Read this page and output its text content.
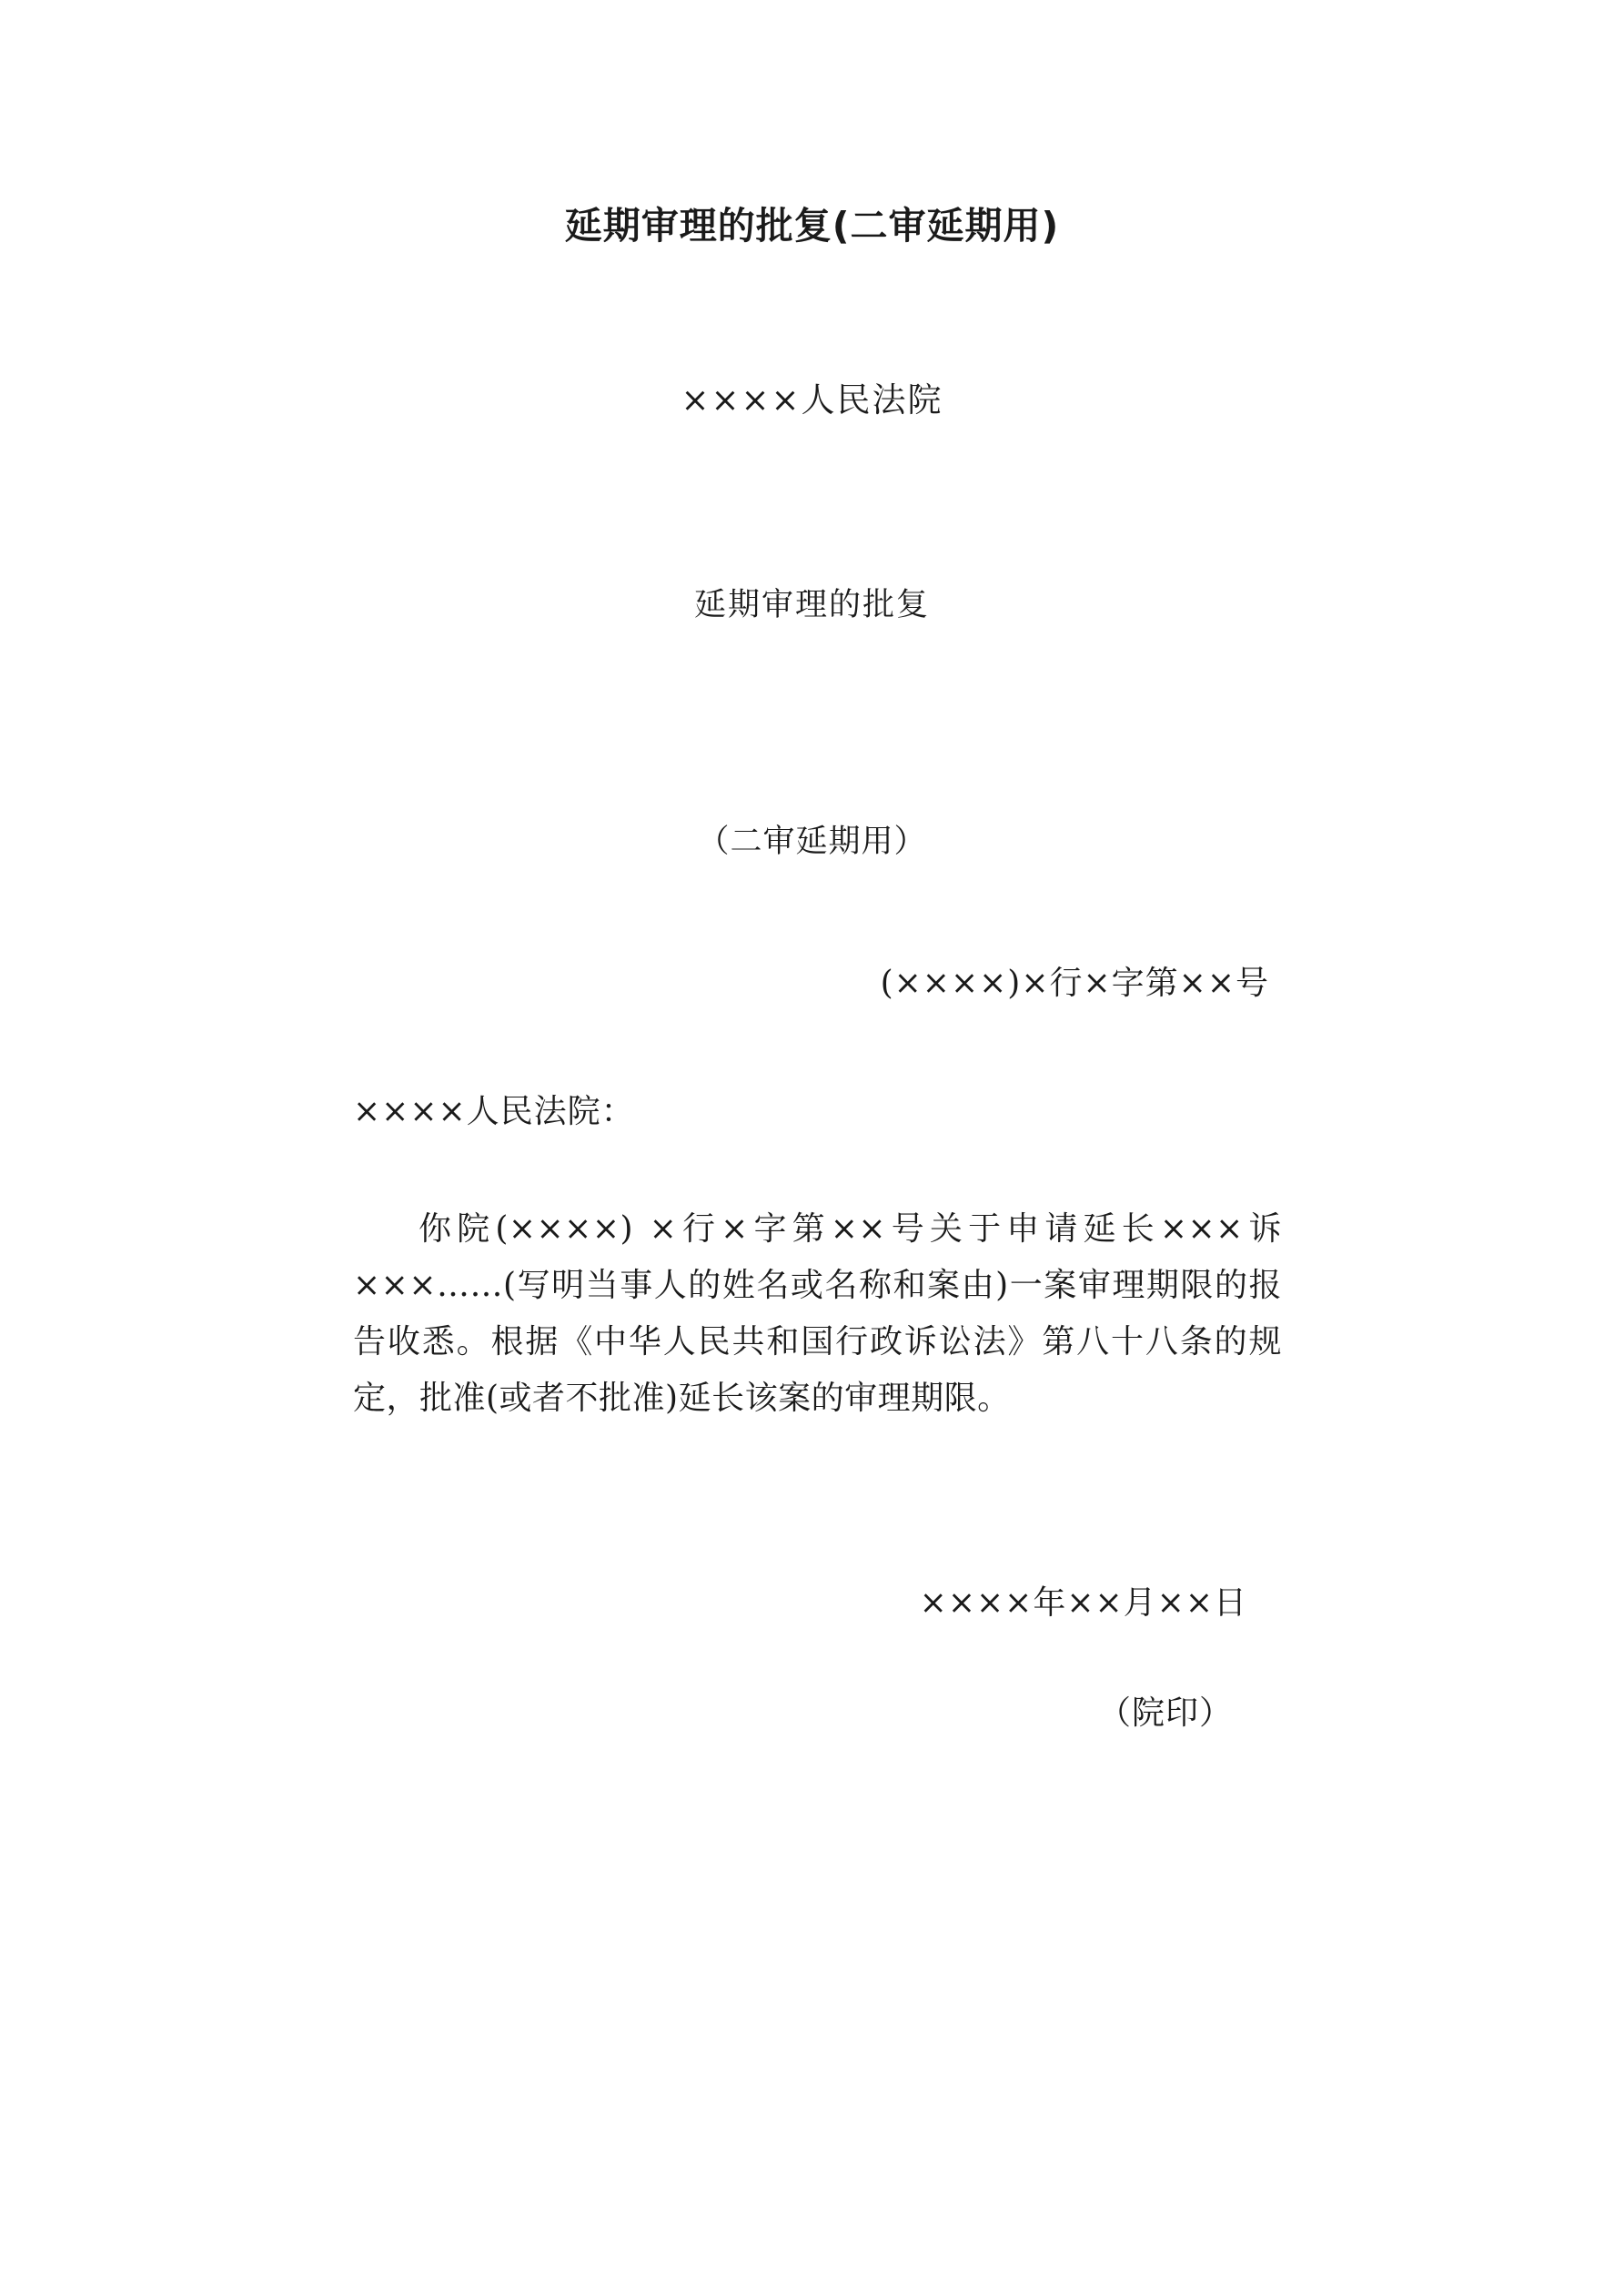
延期审理的批复(二审延期用)
××××人民法院
延期审理的批复
（二审延期用）
(××××)×行×字第××号
××××人民法院：
你院(××××) ×行×字第××号关于申请延长×××诉×××……(写明当事人的姓名或名称和案由)一案审理期限的报告收悉。根据《中华人民共和国行政诉讼法》第八十八条的规定，批准(或者不批准)延长该案的审理期限。
××××年××月××日
（院印）
